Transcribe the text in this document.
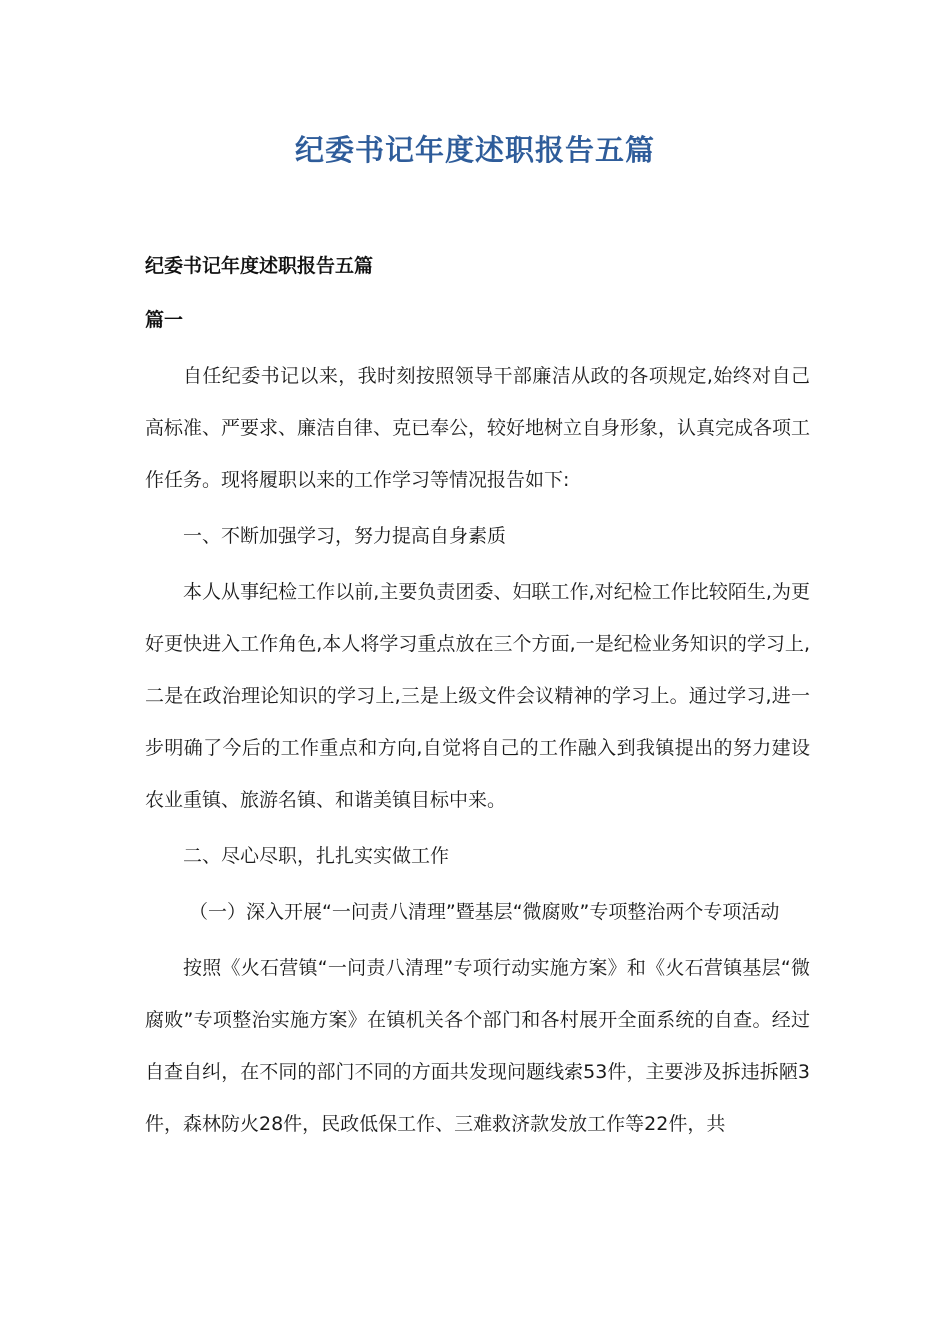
纪委书记年度述职报告五篇

纪委书记年度述职报告五篇

篇一

自任纪委书记以来，我时刻按照领导干部廉洁从政的各项规定,始终对自己高标准、严要求、廉洁自律、克已奉公，较好地树立自身形象，认真完成各项工作任务。现将履职以来的工作学习等情况报告如下:

一、不断加强学习，努力提高自身素质

本人从事纪检工作以前,主要负责团委、妇联工作,对纪检工作比较陌生,为更好更快进入工作角色,本人将学习重点放在三个方面,一是纪检业务知识的学习上,二是在政治理论知识的学习上,三是上级文件会议精神的学习上。通过学习,进一步明确了今后的工作重点和方向,自觉将自己的工作融入到我镇提出的努力建设农业重镇、旅游名镇、和谐美镇目标中来。

二、尽心尽职，扎扎实实做工作

（一）深入开展“一问责八清理”暨基层“微腐败”专项整治两个专项活动

按照《火石营镇“一问责八清理”专项行动实施方案》和《火石营镇基层“微腐败”专项整治实施方案》在镇机关各个部门和各村展开全面系统的自查。经过自查自纠，在不同的部门不同的方面共发现问题线索53件，主要涉及拆违拆陋3件，森林防火28件，民政低保工作、三难救济款发放工作等22件，共
